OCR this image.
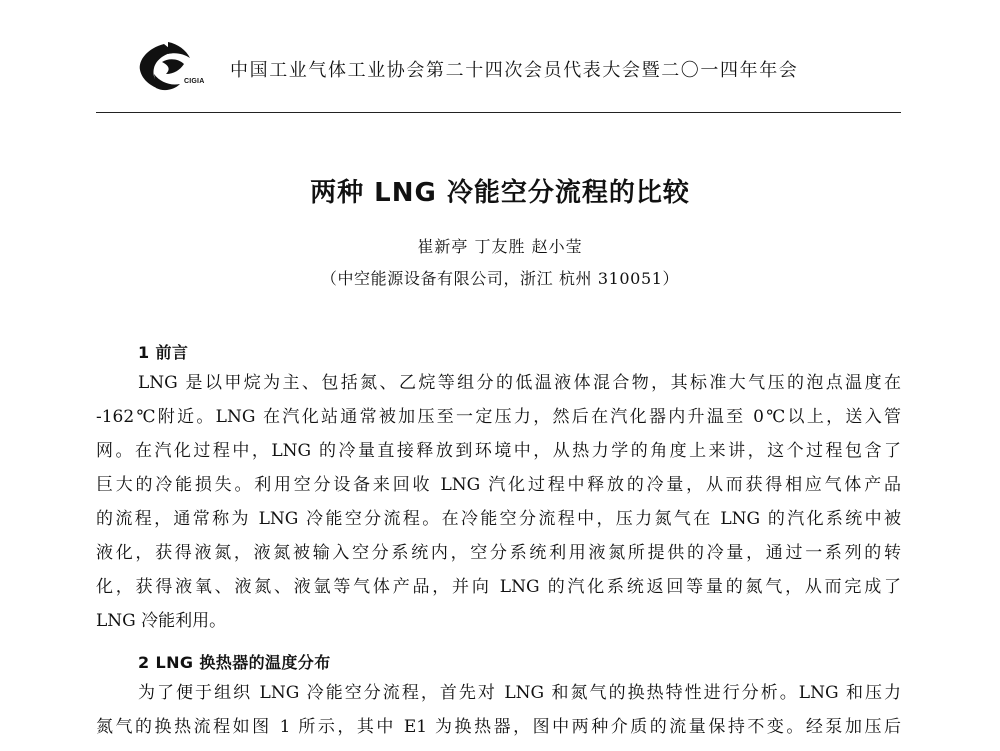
CIGIA
中国工业气体工业协会第二十四次会员代表大会暨二〇一四年年会
两种 LNG 冷能空分流程的比较
崔新亭 丁友胜 赵小莹
（中空能源设备有限公司，浙江 杭州 310051）
1 前言
LNG 是以甲烷为主、包括氮、乙烷等组分的低温液体混合物，其标准大气压的泡点温度在
-162℃附近。LNG 在汽化站通常被加压至一定压力，然后在汽化器内升温至 0℃以上，送入管
网。在汽化过程中，LNG 的冷量直接释放到环境中，从热力学的角度上来讲，这个过程包含了
巨大的冷能损失。利用空分设备来回收 LNG 汽化过程中释放的冷量，从而获得相应气体产品
的流程，通常称为 LNG 冷能空分流程。在冷能空分流程中，压力氮气在 LNG 的汽化系统中被
液化，获得液氮，液氮被输入空分系统内，空分系统利用液氮所提供的冷量，通过一系列的转
化，获得液氧、液氮、液氩等气体产品，并向 LNG 的汽化系统返回等量的氮气，从而完成了
LNG 冷能利用。
2 LNG 换热器的温度分布
为了便于组织 LNG 冷能空分流程，首先对 LNG 和氮气的换热特性进行分析。LNG 和压力
氮气的换热流程如图 1 所示，其中 E1 为换热器，图中两种介质的流量保持不变。经泵加压后
